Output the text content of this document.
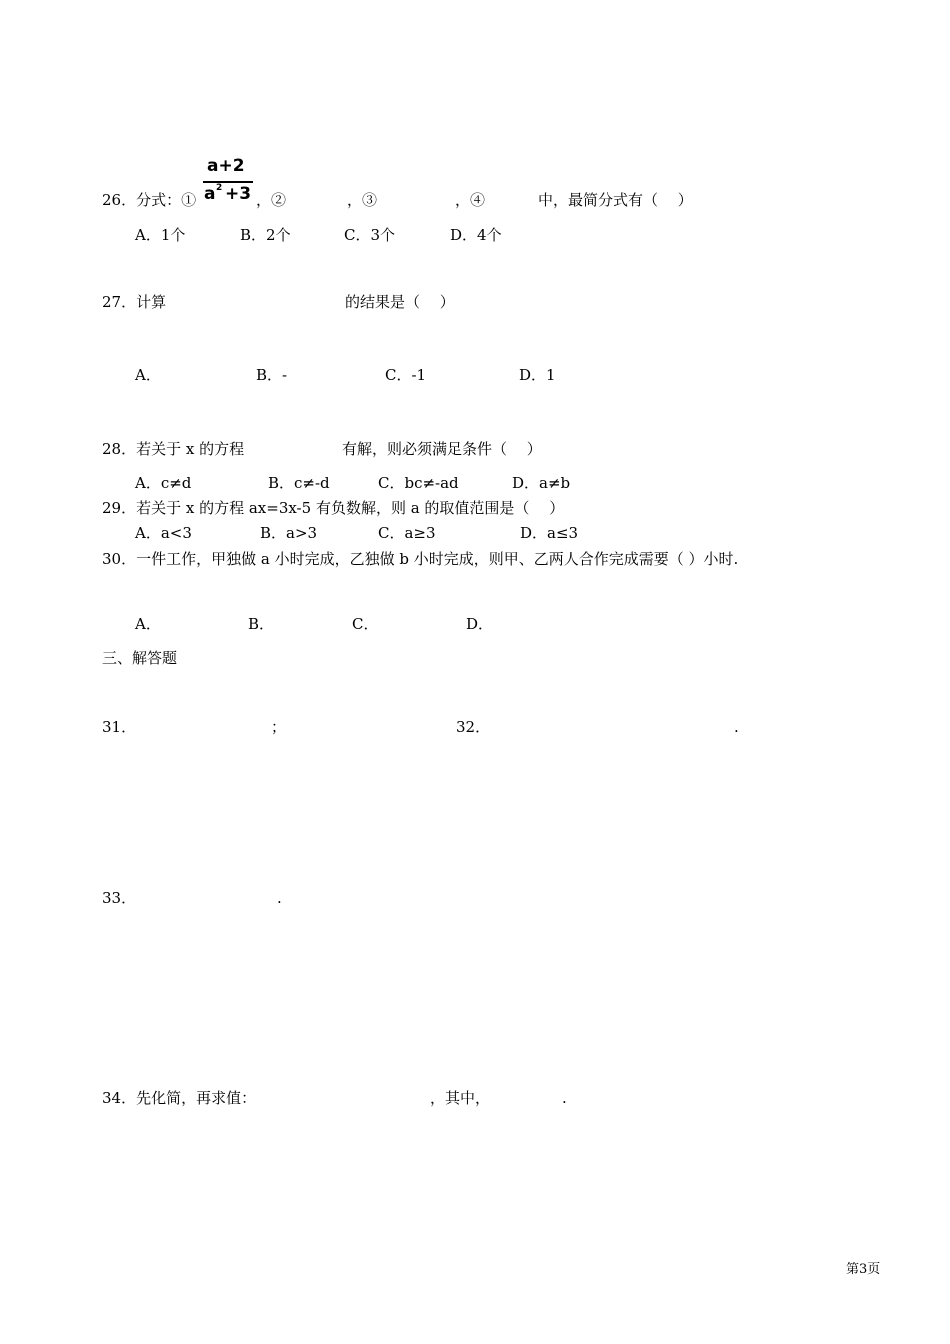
26．分式：①
a+2
a 2 +3 ，②	，③	，④	中，最简分式有（　 ）
A．1个	B．2个	C．3个	D．4个
27．计算	的结果是（　 ）
A．	B．-	C．-1	D．1
28．若关于 x 的方程	有解，则必须满足条件（　 ）
A．c≠d	B．c≠-d	C．bc≠-ad	D．a≠b
29．若关于 x 的方程 ax=3x-5 有负数解，则 a 的取值范围是（　 ）
A．a<3	B．a>3	C．a≥3	D．a≤3
30．一件工作，甲独做 a 小时完成，乙独做 b 小时完成，则甲、乙两人合作完成需要（ ）小时.
A．	B．	C．	D．
三、解答题
31．	；	32．	.
33．	.
34．先化简，再求值：	，其中，	.
第3页
